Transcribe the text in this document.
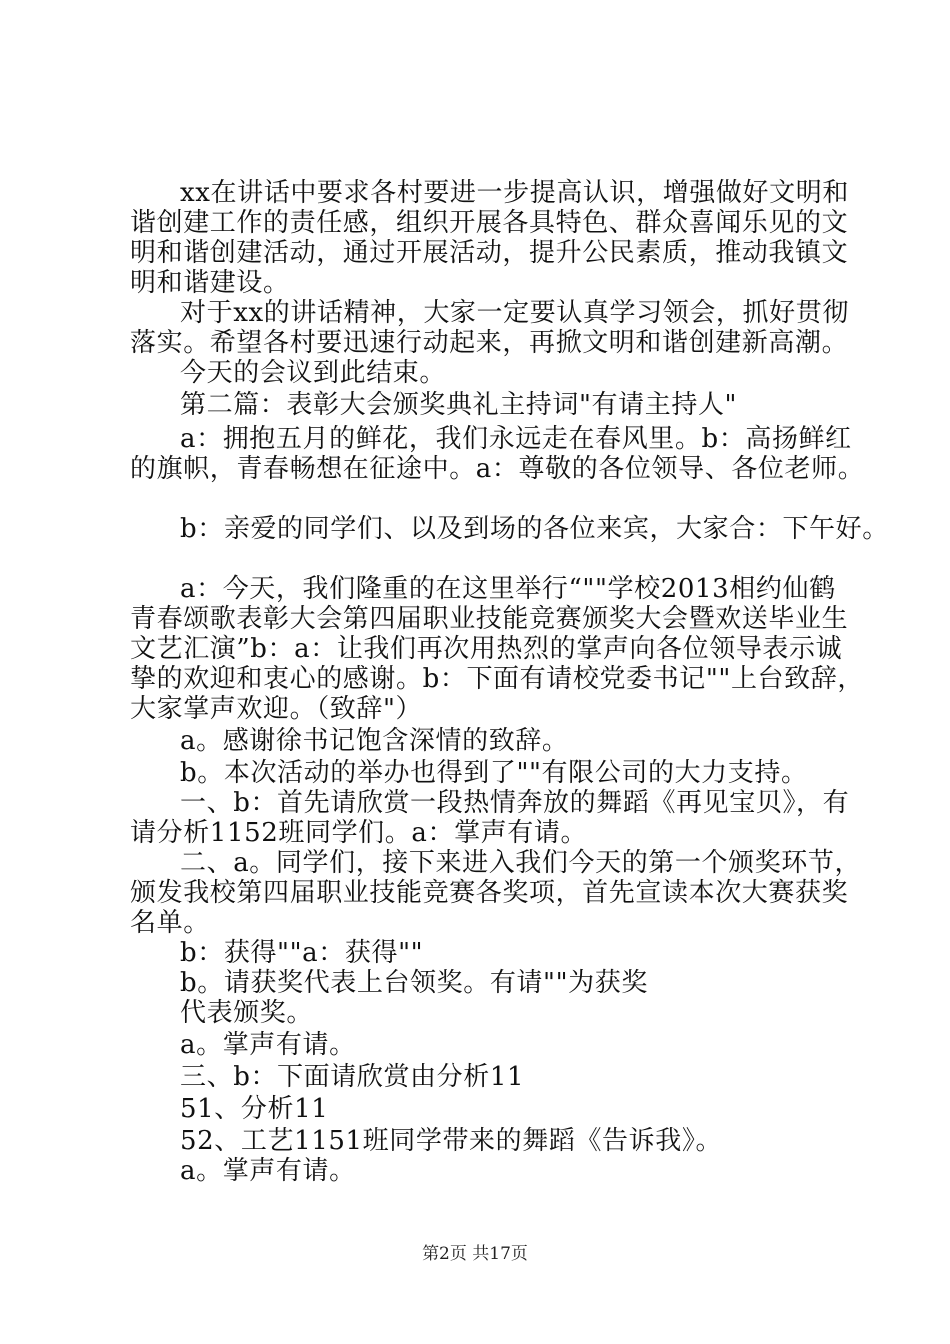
xx在讲话中要求各村要进一步提高认识，增强做好文明和
谐创建工作的责任感，组织开展各具特色、群众喜闻乐见的文
明和谐创建活动，通过开展活动，提升公民素质，推动我镇文
明和谐建设。
对于xx的讲话精神，大家一定要认真学习领会，抓好贯彻
落实。希望各村要迅速行动起来，再掀文明和谐创建新高潮。
今天的会议到此结束。
第二篇：表彰大会颁奖典礼主持词"有请主持人"
a：拥抱五月的鲜花，我们永远走在春风里。b：高扬鲜红
的旗帜，青春畅想在征途中。a：尊敬的各位领导、各位老师。
b：亲爱的同学们、以及到场的各位来宾，大家合：下午好。
a：今天，我们隆重的在这里举行“""学校2013相约仙鹤
青春颂歌表彰大会第四届职业技能竞赛颁奖大会暨欢送毕业生
文艺汇演”b：a：让我们再次用热烈的掌声向各位领导表示诚
挚的欢迎和衷心的感谢。b：下面有请校党委书记""上台致辞，
大家掌声欢迎。（致辞"）
a。感谢徐书记饱含深情的致辞。
b。本次活动的举办也得到了""有限公司的大力支持。
一、b：首先请欣赏一段热情奔放的舞蹈《再见宝贝》，有
请分析1152班同学们。a：掌声有请。
二、a。同学们，接下来进入我们今天的第一个颁奖环节，
颁发我校第四届职业技能竞赛各奖项，首先宣读本次大赛获奖
名单。
b：获得""a：获得""
b。请获奖代表上台领奖。有请""为获奖
代表颁奖。
a。掌声有请。
三、b：下面请欣赏由分析11
51、分析11
52、工艺1151班同学带来的舞蹈《告诉我》。
a。掌声有请。
第2页 共17页
